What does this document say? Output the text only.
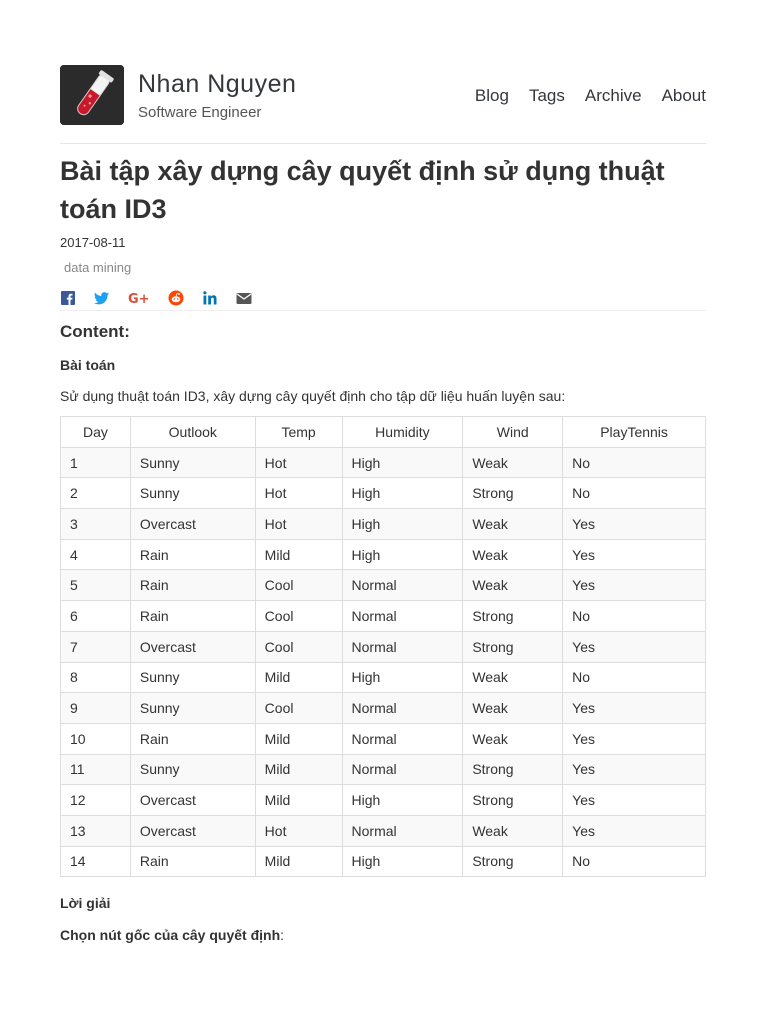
Nhan Nguyen
Software Engineer
Blog Tags Archive About
Bài tập xây dựng cây quyết định sử dụng thuật toán ID3
2017-08-11
data mining
G+
Content:
Bài toán
Sử dụng thuật toán ID3, xây dựng cây quyết định cho tập dữ liệu huấn luyện sau:
Day	Outlook	Temp	Humidity	Wind	PlayTennis
1	Sunny	Hot	High	Weak	No
2	Sunny	Hot	High	Strong	No
3	Overcast	Hot	High	Weak	Yes
4	Rain	Mild	High	Weak	Yes
5	Rain	Cool	Normal	Weak	Yes
6	Rain	Cool	Normal	Strong	No
7	Overcast	Cool	Normal	Strong	Yes
8	Sunny	Mild	High	Weak	No
9	Sunny	Cool	Normal	Weak	Yes
10	Rain	Mild	Normal	Weak	Yes
11	Sunny	Mild	Normal	Strong	Yes
12	Overcast	Mild	High	Strong	Yes
13	Overcast	Hot	Normal	Weak	Yes
14	Rain	Mild	High	Strong	No
Lời giải
Chọn nút gốc của cây quyết định:
